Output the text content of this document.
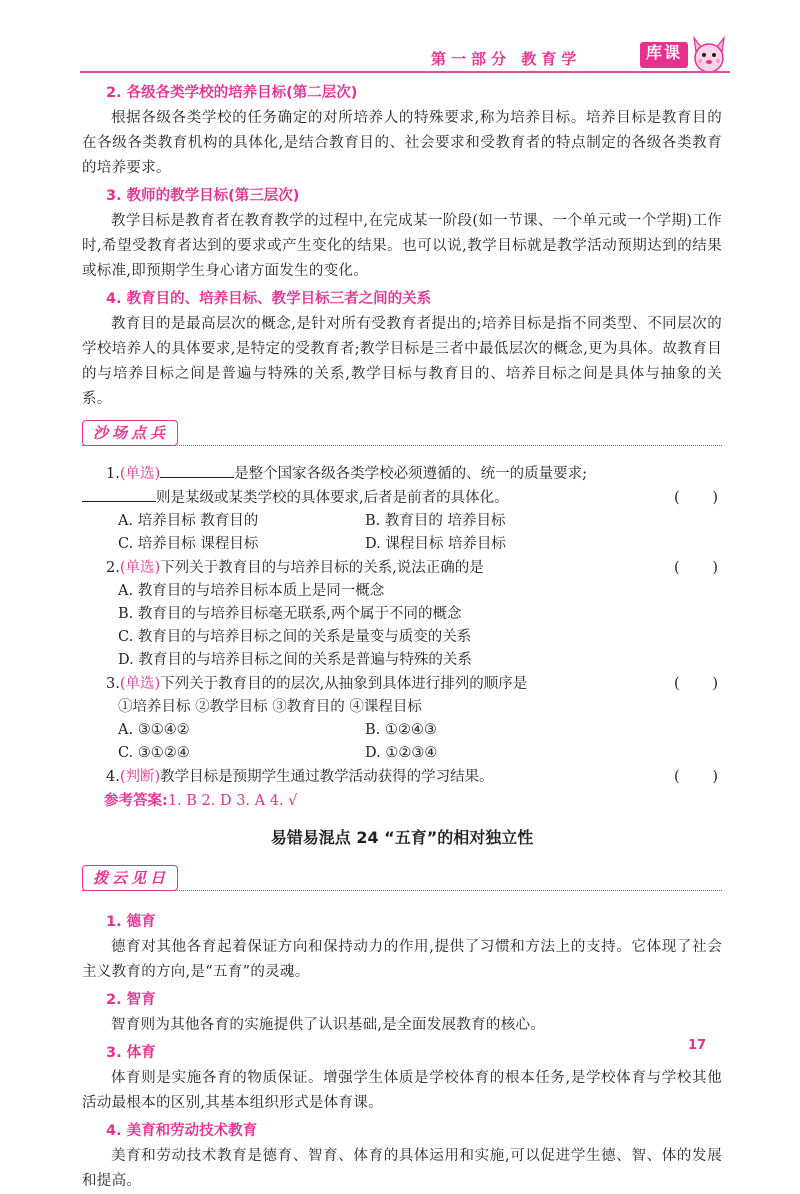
第一部分 教育学	库课
2. 各级各类学校的培养目标(第二层次)

根据各级各类学校的任务确定的对所培养人的特殊要求,称为培养目标。培养目标是教育目的在各级各类教育机构的具体化,是结合教育目的、社会要求和受教育者的特点制定的各级各类教育的培养要求。

3. 教师的教学目标(第三层次)

教学目标是教育者在教育教学的过程中,在完成某一阶段(如一节课、一个单元或一个学期)工作时,希望受教育者达到的要求或产生变化的结果。也可以说,教学目标就是教学活动预期达到的结果或标准,即预期学生身心诸方面发生的变化。

4. 教育目的、培养目标、教学目标三者之间的关系

教育目的是最高层次的概念,是针对所有受教育者提出的;培养目标是指不同类型、不同层次的学校培养人的具体要求,是特定的受教育者;教学目标是三者中最低层次的概念,更为具体。故教育目的与培养目标之间是普遍与特殊的关系,教学目标与教育目的、培养目标之间是具体与抽象的关系。

沙场点兵
1.(单选)	是整个国家各级各类学校必须遵循的、统一的质量要求;则是某级或某类学校的具体要求,后者是前者的具体化。	( )
A. 培养目标 教育目的	B. 教育目的 培养目标
C. 培养目标 课程目标	D. 课程目标 培养目标
2.(单选)下列关于教育目的与培养目标的关系,说法正确的是	( )
A. 教育目的与培养目标本质上是同一概念
B. 教育目的与培养目标毫无联系,两个属于不同的概念
C. 教育目的与培养目标之间的关系是量变与质变的关系
D. 教育目的与培养目标之间的关系是普遍与特殊的关系
3.(单选)下列关于教育目的的层次,从抽象到具体进行排列的顺序是	( )
①培养目标 ②教学目标 ③教育目的 ④课程目标
A. ③①④②	B. ①②④③
C. ③①②④	D. ①②③④
4.(判断)教学目标是预期学生通过教学活动获得的学习结果。	( )
参考答案:1. B 2. D 3. A 4. √
易错易混点 24 “五育”的相对独立性
拨云见日
1. 德育

德育对其他各育起着保证方向和保持动力的作用,提供了习惯和方法上的支持。它体现了社会主义教育的方向,是“五育”的灵魂。

2. 智育

智育则为其他各育的实施提供了认识基础,是全面发展教育的核心。

3. 体育

体育则是实施各育的物质保证。增强学生体质是学校体育的根本任务,是学校体育与学校其他活动最根本的区别,其基本组织形式是体育课。

4. 美育和劳动技术教育

美育和劳动技术教育是德育、智育、体育的具体运用和实施,可以促进学生德、智、体的发展和提高。

17
